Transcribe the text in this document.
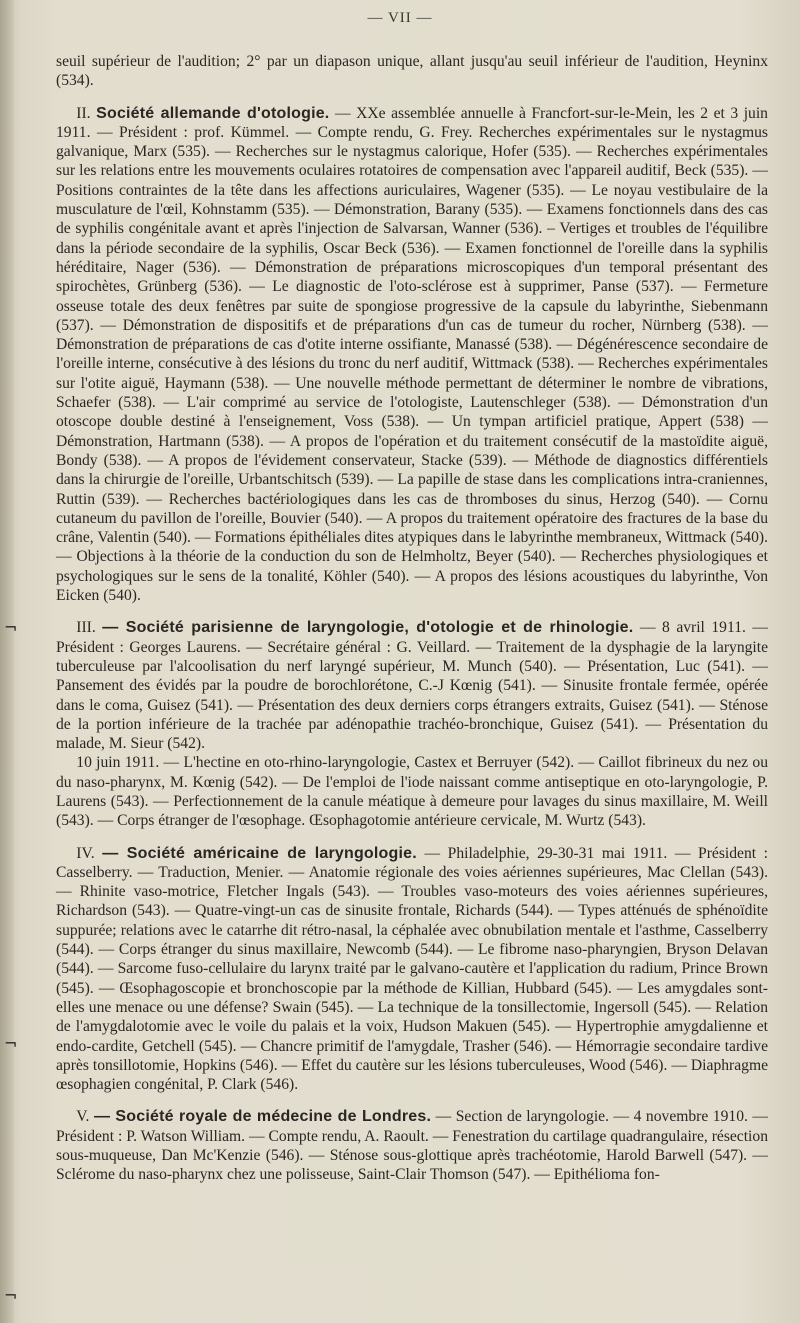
— VII —
¬
¬
¬

seuil supérieur de l'audition; 2° par un diapason unique, allant jusqu'au seuil inférieur de l'audition, Heyninx (534).

II. Société allemande d'otologie. — XXe assemblée annuelle à Francfort-sur-le-Mein, les 2 et 3 juin 1911. — Président : prof. Kümmel. — Compte rendu, G. Frey. Recherches expérimentales sur le nystagmus galvanique, Marx (535). — Recherches sur le nystagmus calorique, Hofer (535). — Recherches expérimentales sur les relations entre les mouvements oculaires rotatoires de compensation avec l'appareil auditif, Beck (535). — Positions contraintes de la tête dans les affections auriculaires, Wagener (535). — Le noyau vestibulaire de la musculature de l'œil, Kohnstamm (535). — Démonstration, Barany (535). — Examens fonctionnels dans des cas de syphilis congénitale avant et après l'injection de Salvarsan, Wanner (536). – Vertiges et troubles de l'équilibre dans la période secondaire de la syphilis, Oscar Beck (536). — Examen fonctionnel de l'oreille dans la syphilis héréditaire, Nager (536). — Démonstration de préparations microscopiques d'un temporal présentant des spirochètes, Grünberg (536). — Le diagnostic de l'oto-sclérose est à supprimer, Panse (537). — Fermeture osseuse totale des deux fenêtres par suite de spongiose progressive de la capsule du labyrinthe, Siebenmann (537). — Démonstration de dispositifs et de préparations d'un cas de tumeur du rocher, Nürnberg (538). — Démonstration de préparations de cas d'otite interne ossifiante, Manassé (538). — Dégénérescence secondaire de l'oreille interne, consécutive à des lésions du tronc du nerf auditif, Wittmack (538). — Recherches expérimentales sur l'otite aiguë, Haymann (538). — Une nouvelle méthode permettant de déterminer le nombre de vibrations, Schaefer (538). — L'air comprimé au service de l'otologiste, Lautenschleger (538). — Démonstration d'un otoscope double destiné à l'enseignement, Voss (538). — Un tympan artificiel pratique, Appert (538) — Démonstration, Hartmann (538). — A propos de l'opération et du traitement consécutif de la mastoïdite aiguë, Bondy (538). — A propos de l'évidement conservateur, Stacke (539). — Méthode de diagnostics différentiels dans la chirurgie de l'oreille, Urbantschitsch (539). — La papille de stase dans les complications intra-craniennes, Ruttin (539). — Recherches bactériologiques dans les cas de thromboses du sinus, Herzog (540). — Cornu cutaneum du pavillon de l'oreille, Bouvier (540). — A propos du traitement opératoire des fractures de la base du crâne, Valentin (540). — Formations épithéliales dites atypiques dans le labyrinthe membraneux, Wittmack (540). — Objections à la théorie de la conduction du son de Helmholtz, Beyer (540). — Recherches physiologiques et psychologiques sur le sens de la tonalité, Köhler (540). — A propos des lésions acoustiques du labyrinthe, Von Eicken (540).

III. — Société parisienne de laryngologie, d'otologie et de rhinologie. — 8 avril 1911. — Président : Georges Laurens. — Secrétaire général : G. Veillard. — Traitement de la dysphagie de la laryngite tuberculeuse par l'alcoolisation du nerf laryngé supérieur, M. Munch (540). — Présentation, Luc (541). — Pansement des évidés par la poudre de borochlorétone, C.-J Kœnig (541). — Sinusite frontale fermée, opérée dans le coma, Guisez (541). — Présentation des deux derniers corps étrangers extraits, Guisez (541). — Sténose de la portion inférieure de la trachée par adénopathie trachéo-bronchique, Guisez (541). — Présentation du malade, M. Sieur (542).

10 juin 1911. — L'hectine en oto-rhino-laryngologie, Castex et Berruyer (542). — Caillot fibrineux du nez ou du naso-pharynx, M. Kœnig (542). — De l'emploi de l'iode naissant comme antiseptique en oto-laryngologie, P. Laurens (543). — Perfectionnement de la canule méatique à demeure pour lavages du sinus maxillaire, M. Weill (543). — Corps étranger de l'œsophage. Œsophagotomie antérieure cervicale, M. Wurtz (543).

IV. — Société américaine de laryngologie. — Philadelphie, 29-30-31 mai 1911. — Président : Casselberry. — Traduction, Menier. — Anatomie régionale des voies aériennes supérieures, Mac Clellan (543). — Rhinite vaso-motrice, Fletcher Ingals (543). — Troubles vaso-moteurs des voies aériennes supérieures, Richardson (543). — Quatre-vingt-un cas de sinusite frontale, Richards (544). — Types atténués de sphénoïdite suppurée; relations avec le catarrhe dit rétro-nasal, la céphalée avec obnubilation mentale et l'asthme, Casselberry (544). — Corps étranger du sinus maxillaire, Newcomb (544). — Le fibrome naso-pharyngien, Bryson Delavan (544). — Sarcome fuso-cellulaire du larynx traité par le galvano-cautère et l'application du radium, Prince Brown (545). — Œsophagoscopie et bronchoscopie par la méthode de Killian, Hubbard (545). — Les amygdales sont-elles une menace ou une défense? Swain (545). — La technique de la tonsillectomie, Ingersoll (545). — Relation de l'amygdalotomie avec le voile du palais et la voix, Hudson Makuen (545). — Hypertrophie amygdalienne et endo-cardite, Getchell (545). — Chancre primitif de l'amygdale, Trasher (546). — Hémorragie secondaire tardive après tonsillotomie, Hopkins (546). — Effet du cautère sur les lésions tuberculeuses, Wood (546). — Diaphragme œsophagien congénital, P. Clark (546).

V. — Société royale de médecine de Londres. — Section de laryngologie. — 4 novembre 1910. — Président : P. Watson William. — Compte rendu, A. Raoult. — Fenestration du cartilage quadrangulaire, résection sous-muqueuse, Dan Mc'Kenzie (546). — Sténose sous-glottique après trachéotomie, Harold Barwell (547). — Sclérome du naso-pharynx chez une polisseuse, Saint-Clair Thomson (547). — Epithélioma fon-
